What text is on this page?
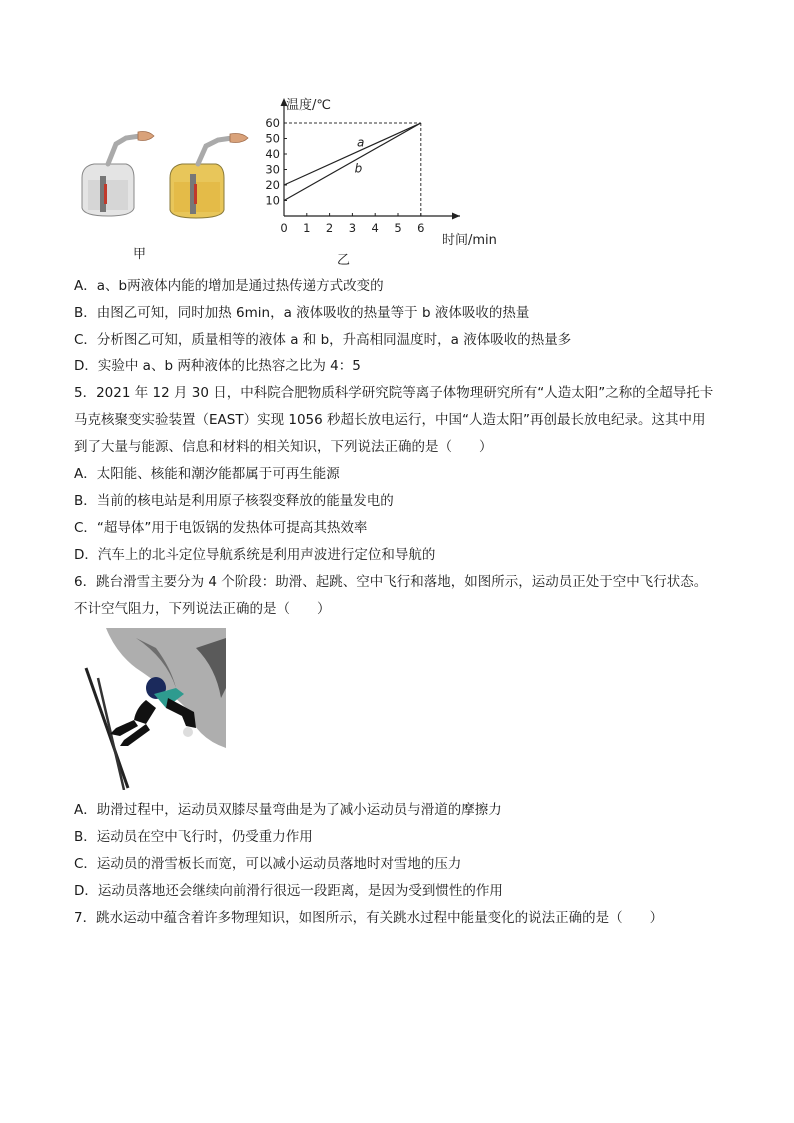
甲
温度/℃
时间/min
0 1 2 3 4 5 6
10
20
30
40
50
60
a
b
乙
A．a、b两液体内能的增加是通过热传递方式改变的
B．由图乙可知，同时加热 6min，a 液体吸收的热量等于 b 液体吸收的热量
C．分析图乙可知，质量相等的液体 a 和 b，升高相同温度时，a 液体吸收的热量多
D．实验中 a、b 两种液体的比热容之比为 4：5
5．2021 年 12 月 30 日，中科院合肥物质科学研究院等离子体物理研究所有“人造太阳”之称的全超导托卡
马克核聚变实验装置（EAST）实现 1056 秒超长放电运行，中国“人造太阳”再创最长放电纪录。这其中用
到了大量与能源、信息和材料的相关知识，下列说法正确的是（　　）
A．太阳能、核能和潮汐能都属于可再生能源
B．当前的核电站是利用原子核裂变释放的能量发电的
C．“超导体”用于电饭锅的发热体可提高其热效率
D．汽车上的北斗定位导航系统是利用声波进行定位和导航的
6．跳台滑雪主要分为 4 个阶段：助滑、起跳、空中飞行和落地，如图所示，运动员正处于空中飞行状态。
不计空气阻力，下列说法正确的是（　　）
A．助滑过程中，运动员双膝尽量弯曲是为了减小运动员与滑道的摩擦力
B．运动员在空中飞行时，仍受重力作用
C．运动员的滑雪板长而宽，可以减小运动员落地时对雪地的压力
D．运动员落地还会继续向前滑行很远一段距离，是因为受到惯性的作用
7．跳水运动中蕴含着许多物理知识，如图所示，有关跳水过程中能量变化的说法正确的是（　　）
